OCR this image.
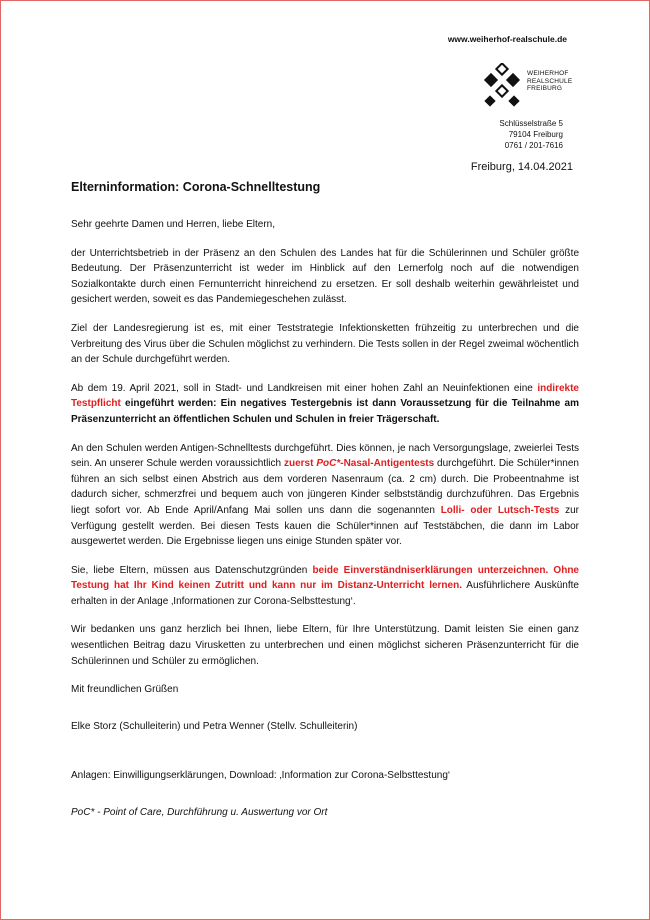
www.weiherhof-realschule.de
WEIHERHOF
REALSCHULE
FREIBURG
Schlüsselstraße 5
79104 Freiburg
0761 / 201-7616
Freiburg, 14.04.2021
Elterninformation: Corona-Schnelltestung

Sehr geehrte Damen und Herren, liebe Eltern,

der Unterrichtsbetrieb in der Präsenz an den Schulen des Landes hat für die Schülerinnen und Schüler größte Bedeutung. Der Präsenzunterricht ist weder im Hinblick auf den Lernerfolg noch auf die notwendigen Sozialkontakte durch einen Fernunterricht hinreichend zu ersetzen. Er soll deshalb weiterhin gewährleistet und gesichert werden, soweit es das Pandemiegeschehen zulässt.

Ziel der Landesregierung ist es, mit einer Teststrategie Infektionsketten frühzeitig zu unterbrechen und die Verbreitung des Virus über die Schulen möglichst zu verhindern. Die Tests sollen in der Regel zweimal wöchentlich an der Schule durchgeführt werden.

Ab dem 19. April 2021, soll in Stadt- und Landkreisen mit einer hohen Zahl an Neuinfektionen eine indirekte Testpflicht eingeführt werden: Ein negatives Testergebnis ist dann Voraussetzung für die Teilnahme am Präsenzunterricht an öffentlichen Schulen und Schulen in freier Trägerschaft.

An den Schulen werden Antigen-Schnelltests durchgeführt. Dies können, je nach Versorgungslage, zweierlei Tests sein. An unserer Schule werden voraussichtlich zuerst PoC*-Nasal-Antigentests durchgeführt. Die Schüler*innen führen an sich selbst einen Abstrich aus dem vorderen Nasenraum (ca. 2 cm) durch. Die Probeentnahme ist dadurch sicher, schmerzfrei und bequem auch von jüngeren Kinder selbstständig durchzuführen. Das Ergebnis liegt sofort vor. Ab Ende April/Anfang Mai sollen uns dann die sogenannten Lolli- oder Lutsch-Tests zur Verfügung gestellt werden. Bei diesen Tests kauen die Schüler*innen auf Teststäbchen, die dann im Labor ausgewertet werden. Die Ergebnisse liegen uns einige Stunden später vor.

Sie, liebe Eltern, müssen aus Datenschutzgründen beide Einverständniserklärungen unterzeichnen. Ohne Testung hat Ihr Kind keinen Zutritt und kann nur im Distanz-Unterricht lernen. Ausführlichere Auskünfte erhalten in der Anlage ‚Informationen zur Corona-Selbsttestung‘.

Wir bedanken uns ganz herzlich bei Ihnen, liebe Eltern, für Ihre Unterstützung. Damit leisten Sie einen ganz wesentlichen Beitrag dazu Virusketten zu unterbrechen und einen möglichst sicheren Präsenzunterricht für die Schülerinnen und Schüler zu ermöglichen.

Mit freundlichen Grüßen

Elke Storz (Schulleiterin) und Petra Wenner (Stellv. Schulleiterin)

Anlagen: Einwilligungserklärungen, Download: ‚Information zur Corona-Selbsttestung‘

PoC* - Point of Care, Durchführung u. Auswertung vor Ort
